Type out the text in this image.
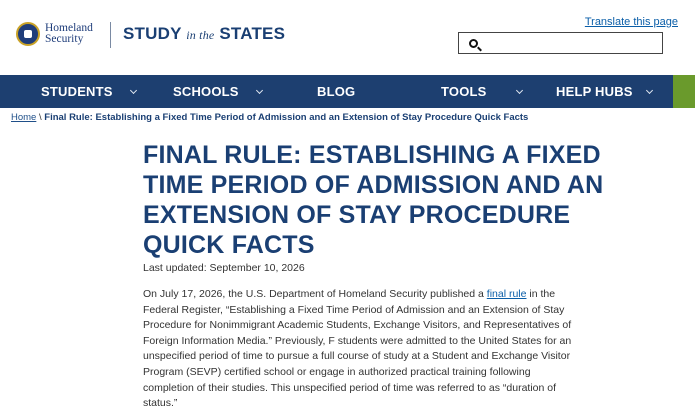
Homeland
Security	STUDY in the STATES
Translate this page
STUDENTS	SCHOOLS	BLOG	TOOLS	HELP HUBS
Home \ Final Rule: Establishing a Fixed Time Period of Admission and an Extension of Stay Procedure Quick Facts
FINAL RULE: ESTABLISHING A FIXED TIME PERIOD OF ADMISSION AND AN EXTENSION OF STAY PROCEDURE QUICK FACTS
Last updated: September 10, 2026

On July 17, 2026, the U.S. Department of Homeland Security published a final rule in the Federal Register, “Establishing a Fixed Time Period of Admission and an Extension of Stay Procedure for Nonimmigrant Academic Students, Exchange Visitors, and Representatives of Foreign Information Media.” Previously, F students were admitted to the United States for an unspecified period of time to pursue a full course of study at a Student and Exchange Visitor Program (SEVP) certified school or engage in authorized practical training following completion of their studies. This unspecified period of time was referred to as “duration of status.”
